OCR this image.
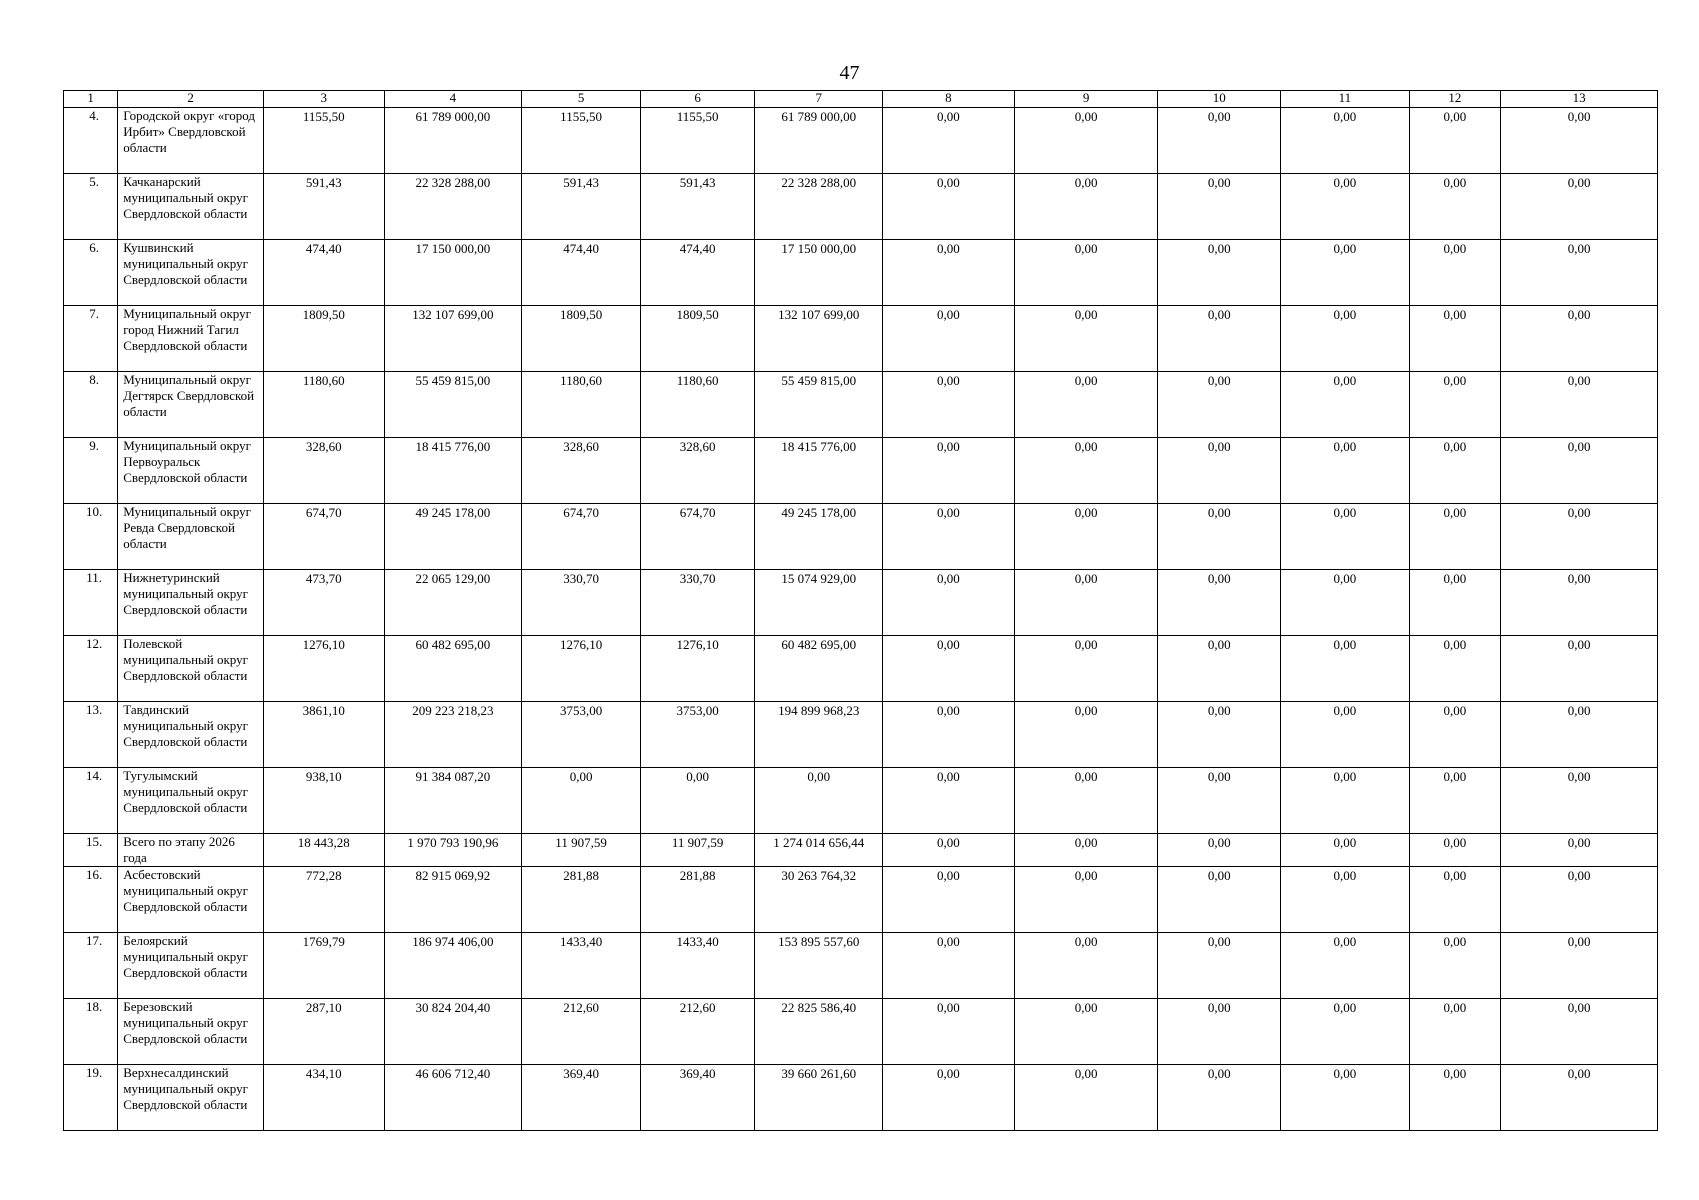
47
1	2	3	4	5	6	7	8	9	10	11	12	13
4.	Городской округ «город Ирбит» Свердловской области	1155,50	61 789 000,00	1155,50	1155,50	61 789 000,00	0,00	0,00	0,00	0,00	0,00	0,00
5.	Качканарский муниципальный округ Свердловской области	591,43	22 328 288,00	591,43	591,43	22 328 288,00	0,00	0,00	0,00	0,00	0,00	0,00
6.	Кушвинский муниципальный округ Свердловской области	474,40	17 150 000,00	474,40	474,40	17 150 000,00	0,00	0,00	0,00	0,00	0,00	0,00
7.	Муниципальный округ город Нижний Тагил Свердловской области	1809,50	132 107 699,00	1809,50	1809,50	132 107 699,00	0,00	0,00	0,00	0,00	0,00	0,00
8.	Муниципальный округ Дегтярск Свердловской области	1180,60	55 459 815,00	1180,60	1180,60	55 459 815,00	0,00	0,00	0,00	0,00	0,00	0,00
9.	Муниципальный округ Первоуральск Свердловской области	328,60	18 415 776,00	328,60	328,60	18 415 776,00	0,00	0,00	0,00	0,00	0,00	0,00
10.	Муниципальный округ Ревда Свердловской области	674,70	49 245 178,00	674,70	674,70	49 245 178,00	0,00	0,00	0,00	0,00	0,00	0,00
11.	Нижнетуринский муниципальный округ Свердловской области	473,70	22 065 129,00	330,70	330,70	15 074 929,00	0,00	0,00	0,00	0,00	0,00	0,00
12.	Полевской муниципальный округ Свердловской области	1276,10	60 482 695,00	1276,10	1276,10	60 482 695,00	0,00	0,00	0,00	0,00	0,00	0,00
13.	Тавдинский муниципальный округ Свердловской области	3861,10	209 223 218,23	3753,00	3753,00	194 899 968,23	0,00	0,00	0,00	0,00	0,00	0,00
14.	Тугулымский муниципальный округ Свердловской области	938,10	91 384 087,20	0,00	0,00	0,00	0,00	0,00	0,00	0,00	0,00	0,00
15.	Всего по этапу 2026 года	18 443,28	1 970 793 190,96	11 907,59	11 907,59	1 274 014 656,44	0,00	0,00	0,00	0,00	0,00	0,00
16.	Асбестовский муниципальный округ Свердловской области	772,28	82 915 069,92	281,88	281,88	30 263 764,32	0,00	0,00	0,00	0,00	0,00	0,00
17.	Белоярский муниципальный округ Свердловской области	1769,79	186 974 406,00	1433,40	1433,40	153 895 557,60	0,00	0,00	0,00	0,00	0,00	0,00
18.	Березовский муниципальный округ Свердловской области	287,10	30 824 204,40	212,60	212,60	22 825 586,40	0,00	0,00	0,00	0,00	0,00	0,00
19.	Верхнесалдинский муниципальный округ Свердловской области	434,10	46 606 712,40	369,40	369,40	39 660 261,60	0,00	0,00	0,00	0,00	0,00	0,00
